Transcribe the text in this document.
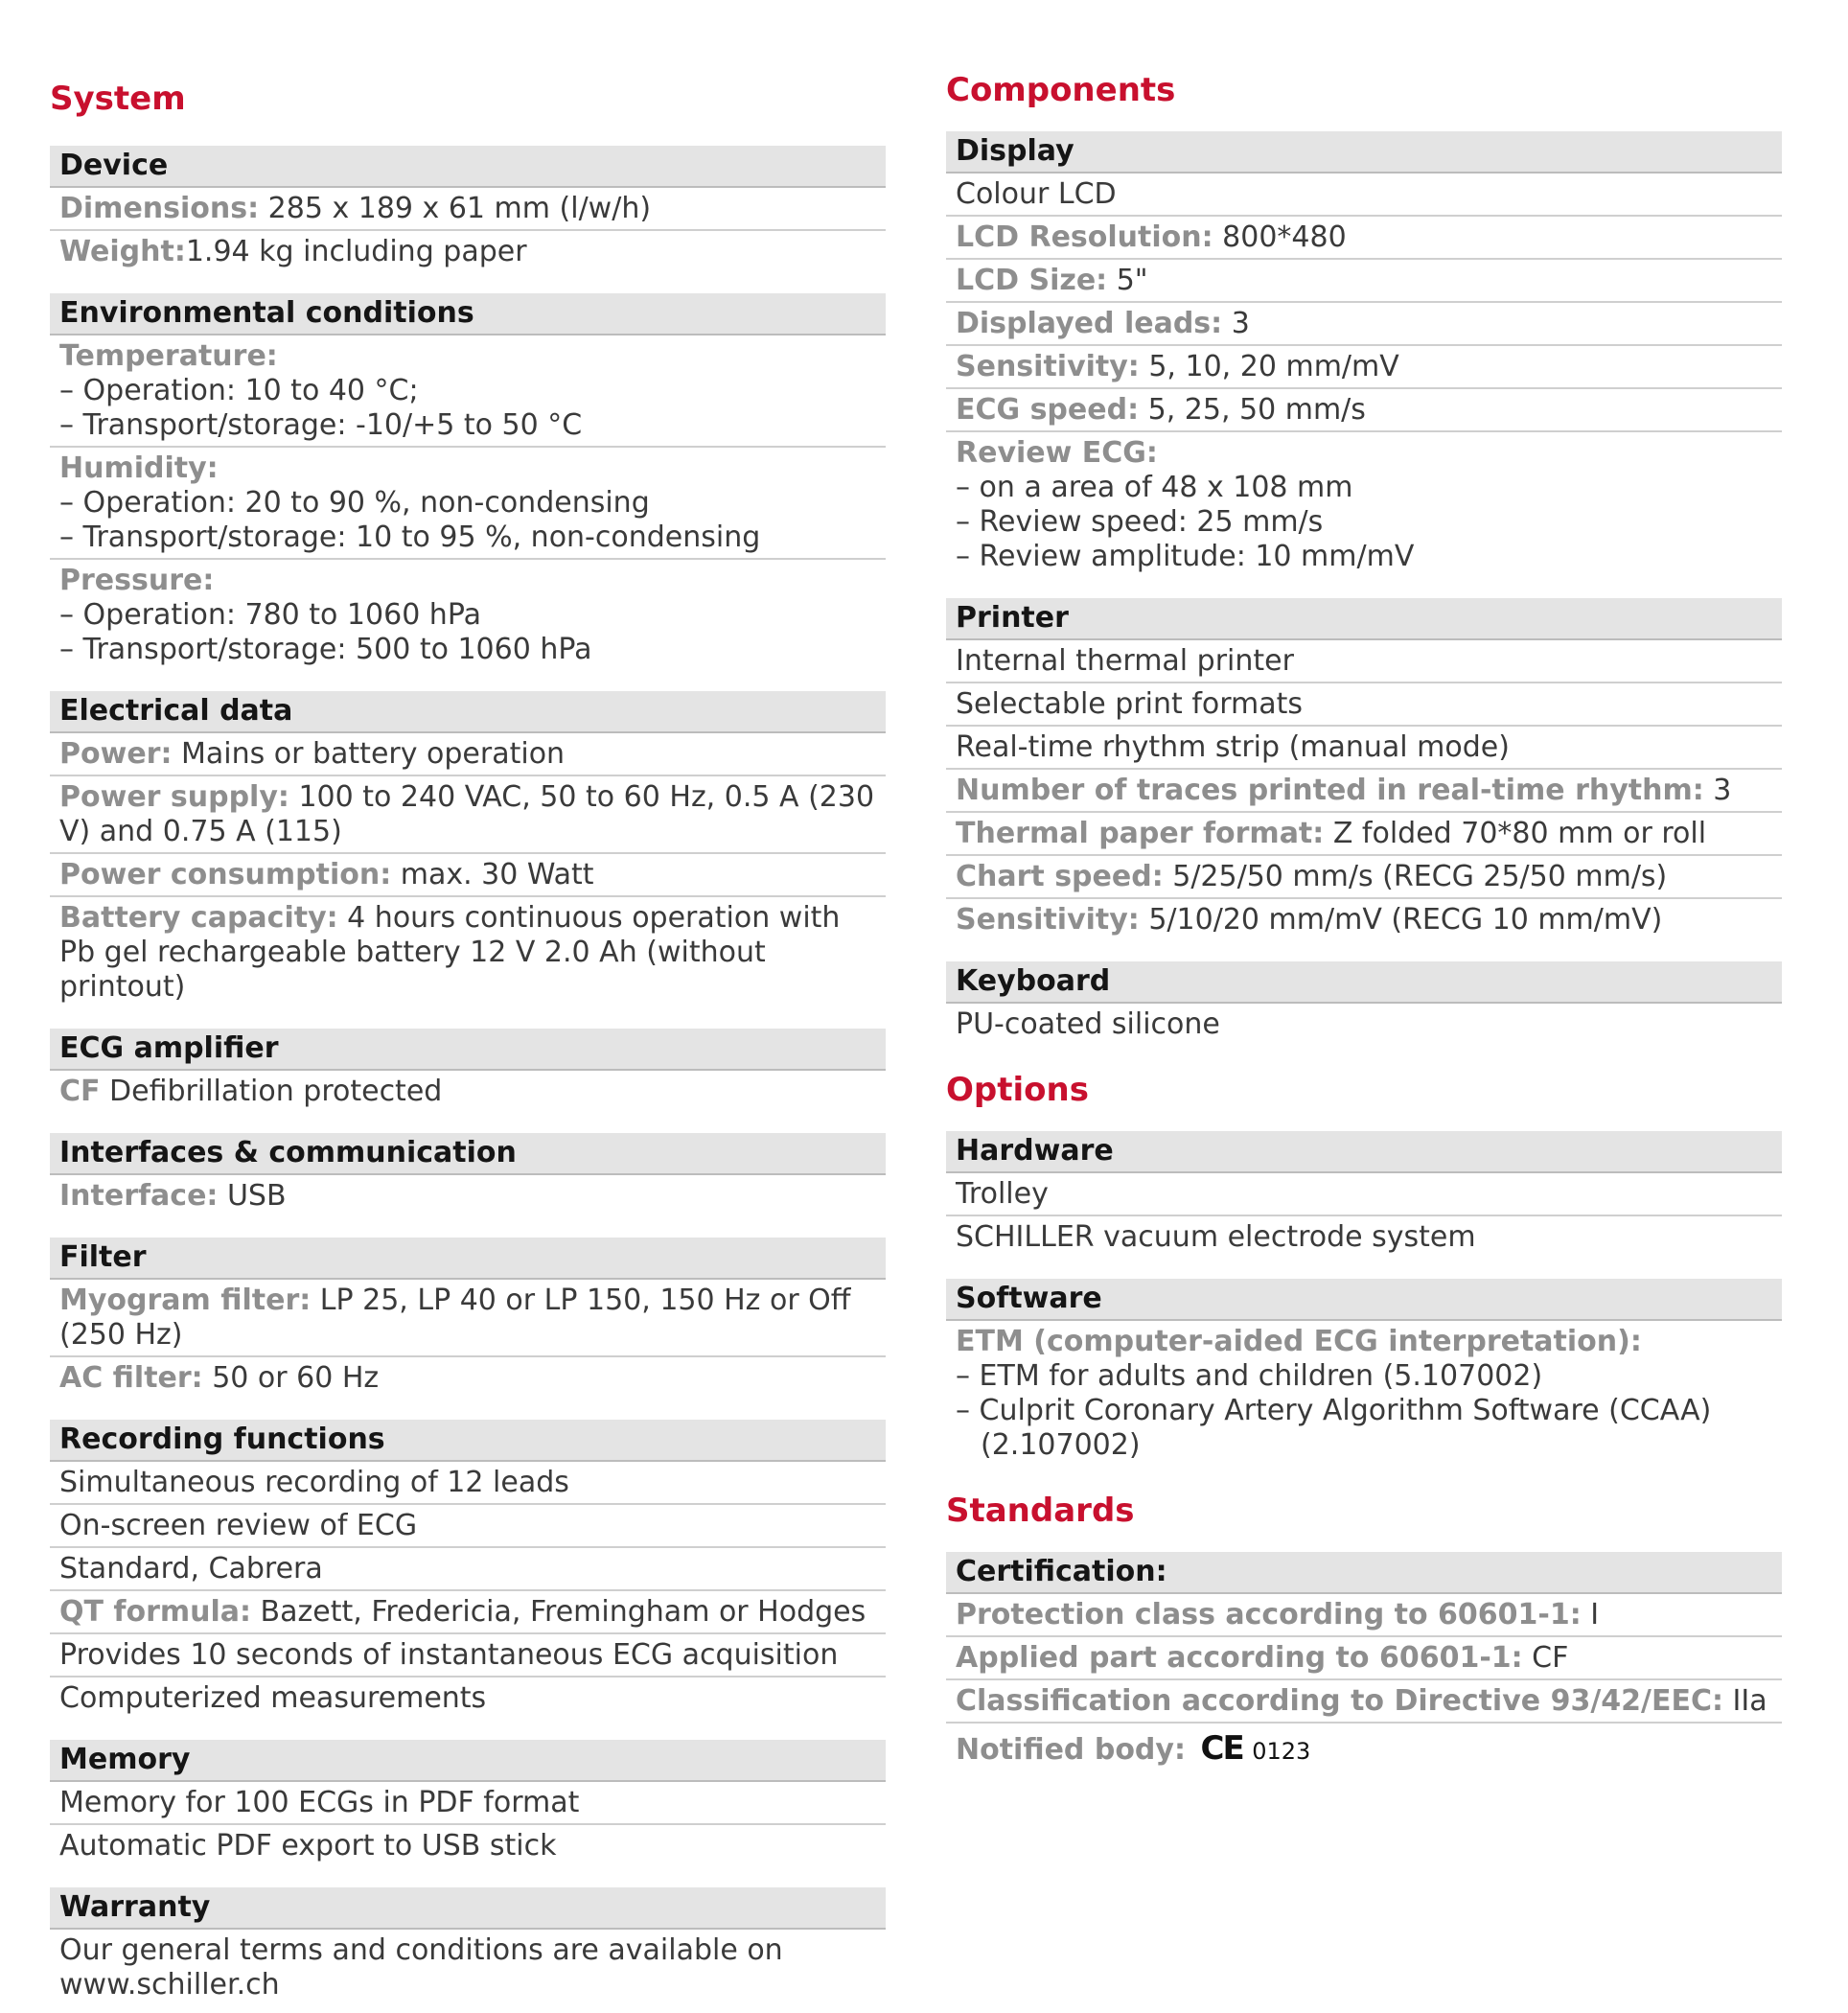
System
Device
Dimensions: 285 x 189 x 61 mm (l/w/h)
Weight:1.94 kg including paper
Environmental conditions
Temperature:
– Operation: 10 to 40 °C;
– Transport/storage: -10/+5 to 50 °C
Humidity:
– Operation: 20 to 90 %, non-condensing
– Transport/storage: 10 to 95 %, non-condensing
Pressure:
– Operation: 780 to 1060 hPa
– Transport/storage: 500 to 1060 hPa
Electrical data
Power: Mains or battery operation
Power supply: 100 to 240 VAC, 50 to 60 Hz, 0.5 A (230 V) and 0.75 A (115)
Power consumption: max. 30 Watt
Battery capacity: 4 hours continuous operation with Pb gel rechargeable battery 12 V 2.0 Ah (without printout)
ECG amplifier
CF Defibrillation protected
Interfaces & communication
Interface: USB
Filter
Myogram filter: LP 25, LP 40 or LP 150, 150 Hz or Off (250 Hz)
AC filter: 50 or 60 Hz
Recording functions
Simultaneous recording of 12 leads
On-screen review of ECG
Standard, Cabrera
QT formula: Bazett, Fredericia, Fremingham or Hodges
Provides 10 seconds of instantaneous ECG acquisition
Computerized measurements
Memory
Memory for 100 ECGs in PDF format
Automatic PDF export to USB stick
Warranty
Our general terms and conditions are available on www.schiller.ch
Components
Display
Colour LCD
LCD Resolution: 800*480
LCD Size: 5"
Displayed leads: 3
Sensitivity: 5, 10, 20 mm/mV
ECG speed: 5, 25, 50 mm/s
Review ECG:
– on a area of 48 x 108 mm
– Review speed: 25 mm/s
– Review amplitude: 10 mm/mV
Printer
Internal thermal printer
Selectable print formats
Real-time rhythm strip (manual mode)
Number of traces printed in real-time rhythm: 3
Thermal paper format: Z folded 70*80 mm or roll
Chart speed: 5/25/50 mm/s (RECG 25/50 mm/s)
Sensitivity: 5/10/20 mm/mV (RECG 10 mm/mV)
Keyboard
PU-coated silicone
Options
Hardware
Trolley
SCHILLER vacuum electrode system
Software
ETM (computer-aided ECG interpretation):
– ETM for adults and children (5.107002)
– Culprit Coronary Artery Algorithm Software (CCAA)
(2.107002)
Standards
Certification:
Protection class according to 60601-1: I
Applied part according to 60601-1: CF
Classification according to Directive 93/42/EEC: IIa
Notified body: CE 0123
